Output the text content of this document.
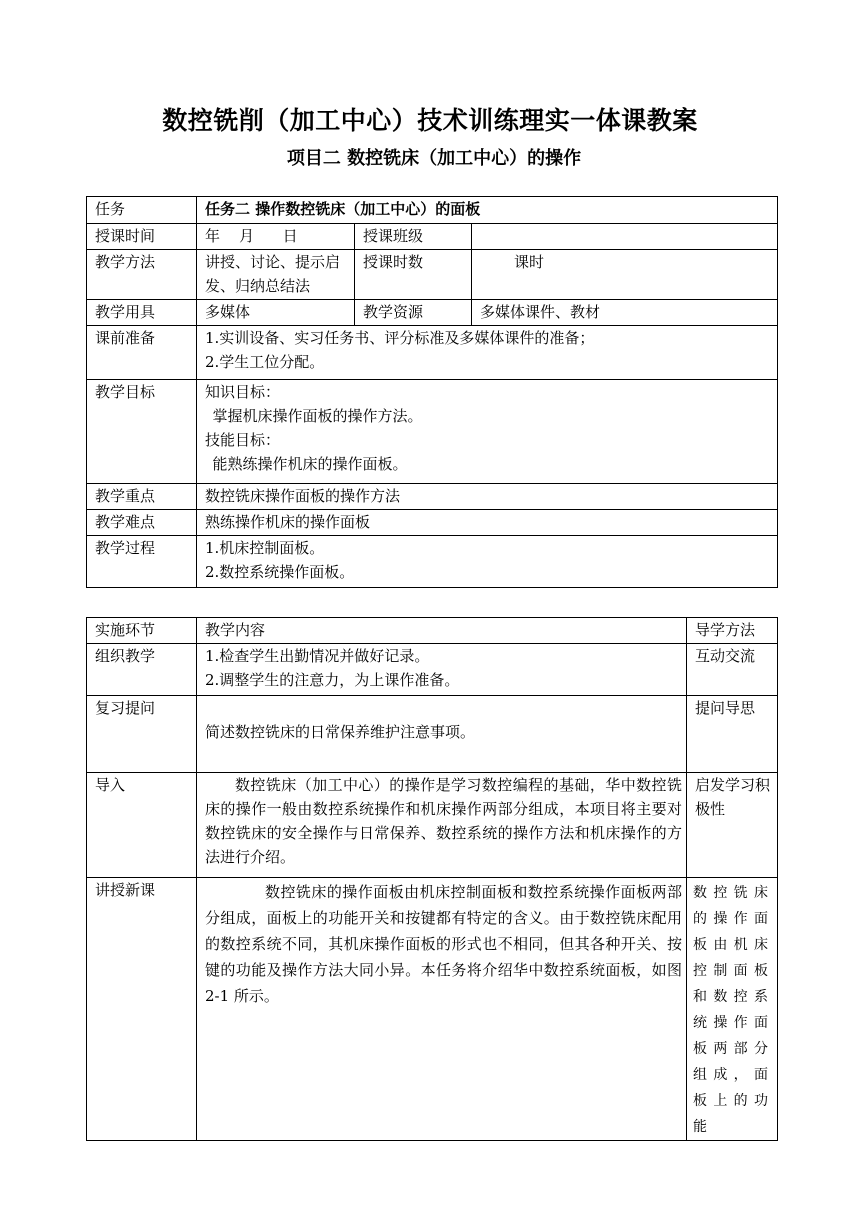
数控铣削（加工中心）技术训练理实一体课教案
项目二 数控铣床（加工中心）的操作
任务	任务二 操作数控铣床（加工中心）的面板		
授课时间	年    月      日	授课班级	
教学方法	讲授、讨论、提示启发、归纳总结法	授课时数	课时
教学用具	多媒体	教学资源	多媒体课件、教材
课前准备	1.实训设备、实习任务书、评分标准及多媒体课件的准备；
2.学生工位分配。		

教学目标	知识目标：
掌握机床操作面板的操作方法。
技能目标：
能熟练操作机床的操作面板。		

教学重点	数控铣床操作面板的操作方法		
教学难点	熟练操作机床的操作面板		
教学过程	1.机床控制面板。
2.数控系统操作面板。		
实施环节	教学内容	导学方法
组织教学	1.检查学生出勤情况并做好记录。
2.调整学生的注意力，为上课作准备。	互动交流
复习提问	简述数控铣床的日常保养维护注意事项。	提问导思
导入	数控铣床（加工中心）的操作是学习数控编程的基础，华中数控铣床的操作一般由数控系统操作和机床操作两部分组成，本项目将主要对数控铣床的安全操作与日常保养、数控系统的操作方法和机床操作的方法进行介绍。	启发学习积极性
讲授新课	数控铣床的操作面板由机床控制面板和数控系统操作面板两部分组成，面板上的功能开关和按键都有特定的含义。由于数控铣床配用的数控系统不同，其机床操作面板的形式也不相同，但其各种开关、按键的功能及操作方法大同小异。本任务将介绍华中数控系统面板，如图 2-1 所示。	数控铣床的操作面板由机床控制面板和数控系统操作面板两部分组成，面板上的功能
